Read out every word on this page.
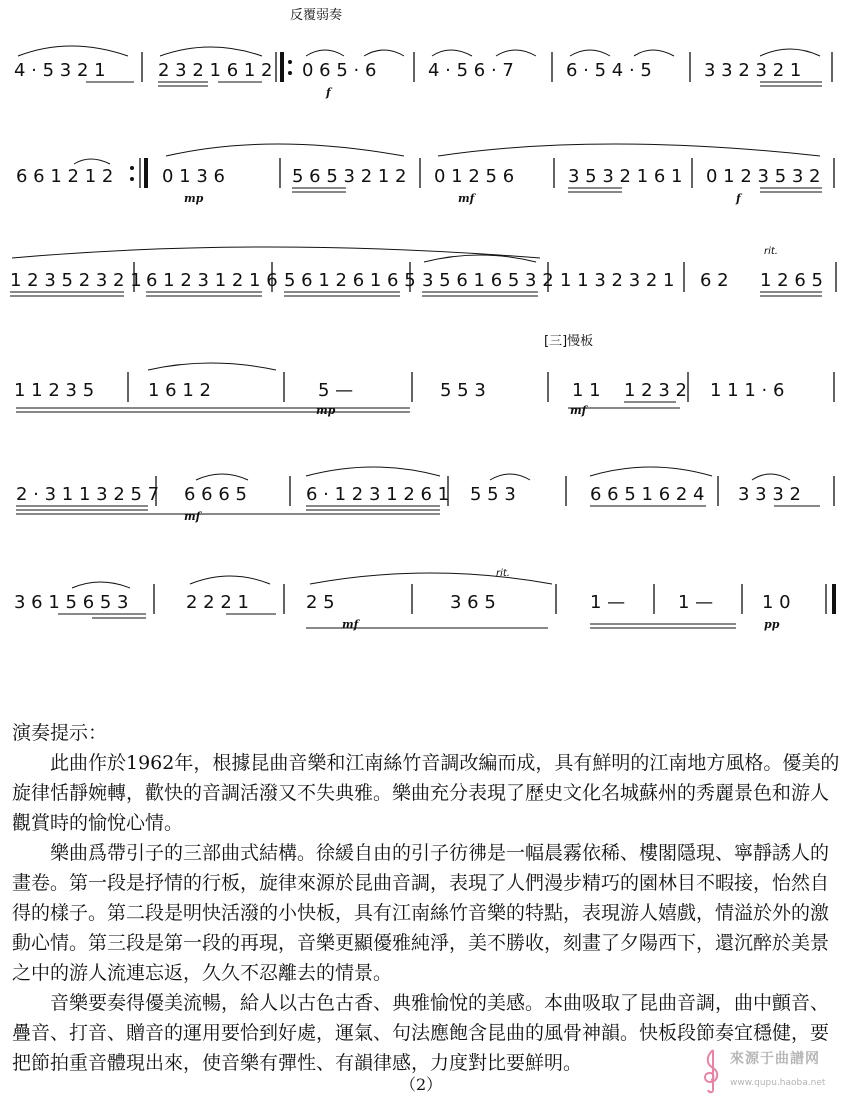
反覆弱奏
[三]慢板
4 · 5 3 2 1	2 3 2 1 6 1 2 0 6 5 · 6
f
4 · 5 6 · 7	6 · 5 4 · 5	3 3 2 3 2 1
6 6 1 2 1 2	0 1 3 6
mp
5 6 5 3 2 1 2 0 1 2 5 6
mf
3 5 3 2 1 6 1 0 1 2 3 5 3 2
f
1 2 3 5 2 3 2 1 6 1 2 3 1 2 1 6 5 6 1 2 6 1 6 5 3 5 6 1 6 5 3 2 1 1 3 2 3 2 1 6 2
rit.
1 2 6 5
1 1 2 3 5	1 6 1 2	5 —
mp
5 5 3	1 1
mf
1 2 3 2 1 1 1 · 6
2 · 3 1 1 3 2 5 7 6 6 6 5
mf
6 · 1 2 3 1 2 6 1 5 5 3	6 6 5 1 6 2 4 3 3 3 2
3 6 1 5 6 5 3	2 2 2 1	2 5
mf
3 6 5
rit.
1 —	1 —	1 0
pp
演奏提示：

此曲作於1962年，根據昆曲音樂和江南絲竹音調改編而成，具有鮮明的江南地方風格。優美的旋律恬靜婉轉，歡快的音調活潑又不失典雅。樂曲充分表現了歷史文化名城蘇州的秀麗景色和游人觀賞時的愉悅心情。

樂曲爲帶引子的三部曲式結構。徐緩自由的引子彷彿是一幅晨霧依稀、樓閣隱現、寧靜誘人的畫卷。第一段是抒情的行板，旋律來源於昆曲音調，表現了人們漫步精巧的園林目不暇接，怡然自得的樣子。第二段是明快活潑的小快板，具有江南絲竹音樂的特點，表現游人嬉戲，情溢於外的激動心情。第三段是第一段的再現，音樂更顯優雅純淨，美不勝收，刻畫了夕陽西下，還沉醉於美景之中的游人流連忘返，久久不忍離去的情景。

音樂要奏得優美流暢，給人以古色古香、典雅愉悅的美感。本曲吸取了昆曲音調，曲中顫音、疊音、打音、贈音的運用要恰到好處，運氣、句法應飽含昆曲的風骨神韻。快板段節奏宜穩健，要把節拍重音體現出來，使音樂有彈性、有韻律感，力度對比要鮮明。

（2）
來源于曲譜网
www.qupu.haoba.net
